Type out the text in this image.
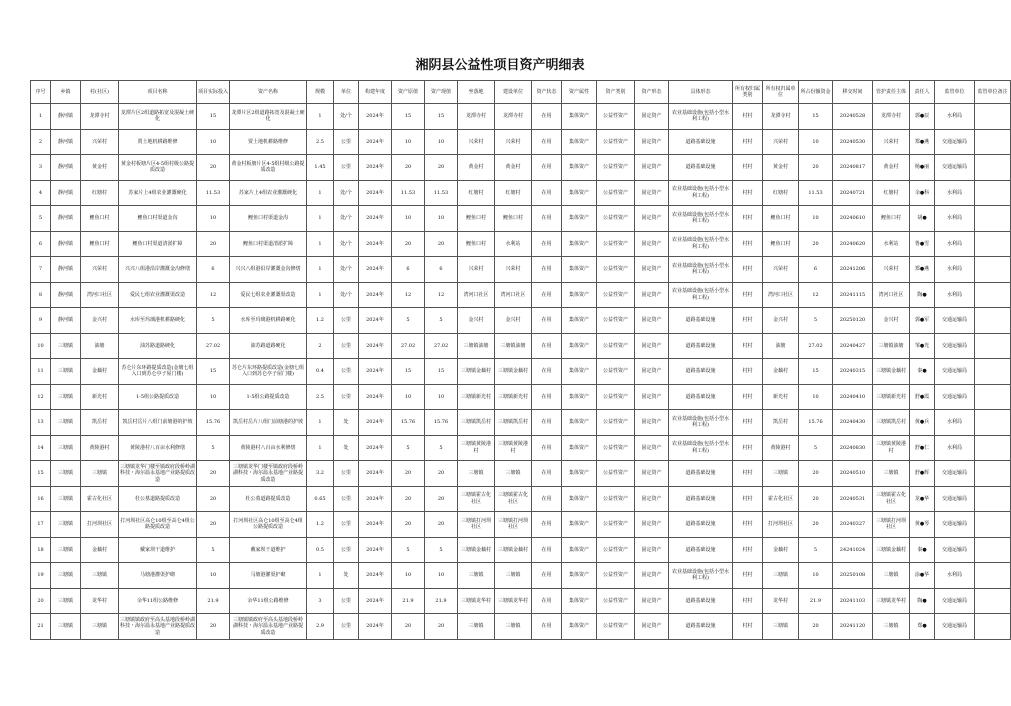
湘阴县公益性项目资产明细表
序号	乡镇	村(社区)	项目名称	项目实际投入	资产名称	规模	单位	构建年度	资产原值	资产现值	坐落地	建设单位	资产状态	资产属性	资产类别	资产形态	具体形态	所有权归属类别	所有权归属单位	所占份额资金	移交时间	管护责任主体	责任人	监管单位	监管单位备注
1	静河镇	龙潭寺村	龙潭片区2组道路拓宽及混凝土硬化	15	龙潭片区2组道路拓宽及混凝土硬化	1	处/个	2024年	15	15	龙潭寺村	龙潭寺村	在用	集体资产	公益性资产	固定资产	农业基础设施(包括小型水利工程)	村村	龙潭寺村	15	20240528	龙潭寺村	郭●辰	水利局	
2	静河镇	兴荣村	贾土地机耕路维修	10	贾土地机耕路维修	2.5	公里	2024年	10	10	兴荣村	兴荣村	在用	集体资产	公益性资产	固定资产	道路基础设施	村村	兴荣村	10	20240530	兴荣村	郑●燕	交通运输局	
3	静河镇	黄金村	黄金村板塘片区4-5组村级公路提质改造	20	黄金村板塘片区4-5组村级公路提质改造	1.45	公里	2024年	20	20	黄金村	黄金村	在用	集体资产	公益性资产	固定资产	道路基础设施	村村	黄金村	20	20240817	黄金村	杨●丽	交通运输局	
4	静河镇	红塘村	苏家片上4组农业灌溉硬化	11.53	苏家片上4组农业灌溉硬化	1	处/个	2024年	11.53	11.53	红塘村	红塘村	在用	集体资产	公益性资产	固定资产	农业基础设施(包括小型水利工程)	村村	红塘村	11.53	20240721	红塘村	余●科	水利局	
5	静河镇	鲤鱼口村	鲤鱼口村渠道金沟	10	鲤鱼口村渠道金沟	1	处/个	2024年	10	10	鲤鱼口村	鲤鱼口村	在用	集体资产	公益性资产	固定资产	农业基础设施(包括小型水利工程)	村村	鲤鱼口村	10	20240610	鲤鱼口村	胡●	水利局	
6	静河镇	鲤鱼口村	鲤鱼口村渠道清淤扩障	20	鲤鱼口村渠道清淤扩障	1	处/个	2024年	20	20	鲤鱼口村	水利站	在用	集体资产	公益性资产	固定资产	农业基础设施(包括小型水利工程)	村村	鲤鱼口村	20	20240620	水利站	鲁●雪	水利局	
7	静河镇	兴荣村	兴兴八组港沿岸灌溉金沟修缮	6	兴兴八组港沿岸灌溉金沟修缮	1	处/个	2024年	6	6	兴荣村	兴荣村	在用	集体资产	公益性资产	固定资产	农业基础设施(包括小型水利工程)	村村	兴荣村	6	20241206	兴荣村	郑●燕	水利局	
8	静河镇	湾河口社区	爱民七组农业灌溉渠改造	12	爱民七组农业灌溉渠改造	1	处/个	2024年	12	12	湾河口社区	湾河口社区	在用	集体资产	公益性资产	固定资产	农业基础设施(包括小型水利工程)	村村	湾河口社区	12	20241115	湾河口社区	陶●	水利局	
9	静河镇	金兴村	水库至玛璃港机耕路硬化	5	水库至玛璃港机耕路硬化	1.2	公里	2024年	5	5	金兴村	金兴村	在用	集体资产	公益性资产	固定资产	道路基础设施	村村	金兴村	5	20250120	金兴村	郭●军	交通运输局	
10	三塘镇	油塘	油苏路道路硬化	27.02	油苏路道路硬化	2	公里	2024年	27.02	27.02	三塘镇油塘	三塘镇油塘	在用	集体资产	公益性资产	固定资产	道路基础设施	村村	油塘	27.02	20240427	三塘镇油塘	邹●光	交通运输局	
11	三塘镇	金藕村	苏仑片东环路提质改造(金塘七组入口到苏仑亭子屋门楼)	15	苏仑片东环路提质改造(金塘七组入口到苏仑亭子屋门楼)	0.4	公里	2024年	15	15	三塘镇金藕村	三塘镇金藕村	在用	集体资产	公益性资产	固定资产	道路基础设施	村村	金藕村	15	20240315	三塘镇金藕村	秦●	交通运输局	
12	三塘镇	新光村	1-5组公路提质改造	10	1-5组公路提质改造	2.5	公里	2024年	10	10	三塘镇新光村	三塘镇新光村	在用	集体资产	公益性资产	固定资产	道路基础设施	村村	新光村	10	20240410	三塘镇新光村	舒●霞	交通运输局	
13	三塘镇	凯岳村	凯岳村岳片八组门前塘港的护坡	15.76	凯岳村岳片八组门前塘港的护坡	1	处	2024年	15.76	15.76	三塘镇凯岳村	三塘镇凯岳村	在用	集体资产	公益性资产	固定资产	农业基础设施(包括小型水利工程)	村村	凯岳村	15.76	20240430	三塘镇凯岳村	黄●兵	水利局	
14	三塘镇	黄陵港村	黄陵港村八百亩水利修缮	5	黄陵港村八百亩水利修缮	1	处	2024年	5	5	三塘镇黄陵港村	三塘镇黄陵港村	在用	集体资产	公益性资产	固定资产	农业基础设施(包括小型水利工程)	村村	黄陵港村	5	20240830	三塘镇黄陵港村	舒●仁	水利局	
15	三塘镇	三塘镇	三塘镇龙华门楼至镇政府段桥岭湖科技・海尔温永基地产业路提质改造	20	三塘镇龙华门楼至镇政府段桥岭湖科技・海尔温永基地产业路提质改造	3.2	公里	2024年	20	20	三塘镇	三塘镇	在用	集体资产	公益性资产	固定资产	道路基础设施	村村	三塘镇	20	20240510	三塘镇	舒●辉	交通运输局	
16	三塘镇	霍古化社区	杜公墓道路提质改造	20	杜公墓道路提质改造	0.65	公里	2024年	20	20	三塘镇霍古化社区	三塘镇霍古化社区	在用	集体资产	公益性资产	固定资产	道路基础设施	村村	霍古化社区	20	20240531	三塘镇霍古化社区	龙●华	交通运输局	
17	三塘镇	打河坝社区	打河坝社区高仑10组至高仑4组公路提质改造	20	打河坝社区高仑10组至高仑4组公路提质改造	1.2	公里	2024年	20	20	三塘镇打河坝社区	三塘镇打河坝社区	在用	集体资产	公益性资产	固定资产	道路基础设施	村村	打河坝社区	20	20240327	三塘镇打河坝社区	黄●琴	交通运输局	
18	三塘镇	金藕村	戴家坝干道维护	5	戴家坝干道维护	0.5	公里	2024年	5	5	三塘镇金藕村	三塘镇金藕村	在用	集体资产	公益性资产	固定资产	道路基础设施	村村	金藕村	5	24241024	三塘镇金藕村	秦●	交通运输局	
19	三塘镇	三塘镇	马塘港灌渠护砌	10	马塘港灌渠护砌	1	处	2024年	10	10	三塘镇	三塘镇	在用	集体资产	公益性资产	固定资产	农业基础设施(包括小型水利工程)	村村	三塘镇	10	20250108	三塘镇	涂●华	水利局	
20	三塘镇	龙华村	余华11组公路维修	21.9	余华11组公路维修	3	公里	2024年	21.9	21.9	三塘镇龙华村	三塘镇龙华村	在用	集体资产	公益性资产	固定资产	道路基础设施	村村	龙华村	21.9	20241103	三塘镇龙华村	陶●	交通运输局	
21	三塘镇	三塘镇	三塘镇镇政府至高头基地段桥岭湖科技・海尔温永基地产业路提质改造	20	三塘镇镇政府至高头基地段桥岭湖科技・海尔温永基地产业路提质改造	2.9	公里	2024年	20	20	三塘镇	三塘镇	在用	集体资产	公益性资产	固定资产	道路基础设施	村村	三塘镇	20	20241120	三塘镇	郑●	交通运输局	
